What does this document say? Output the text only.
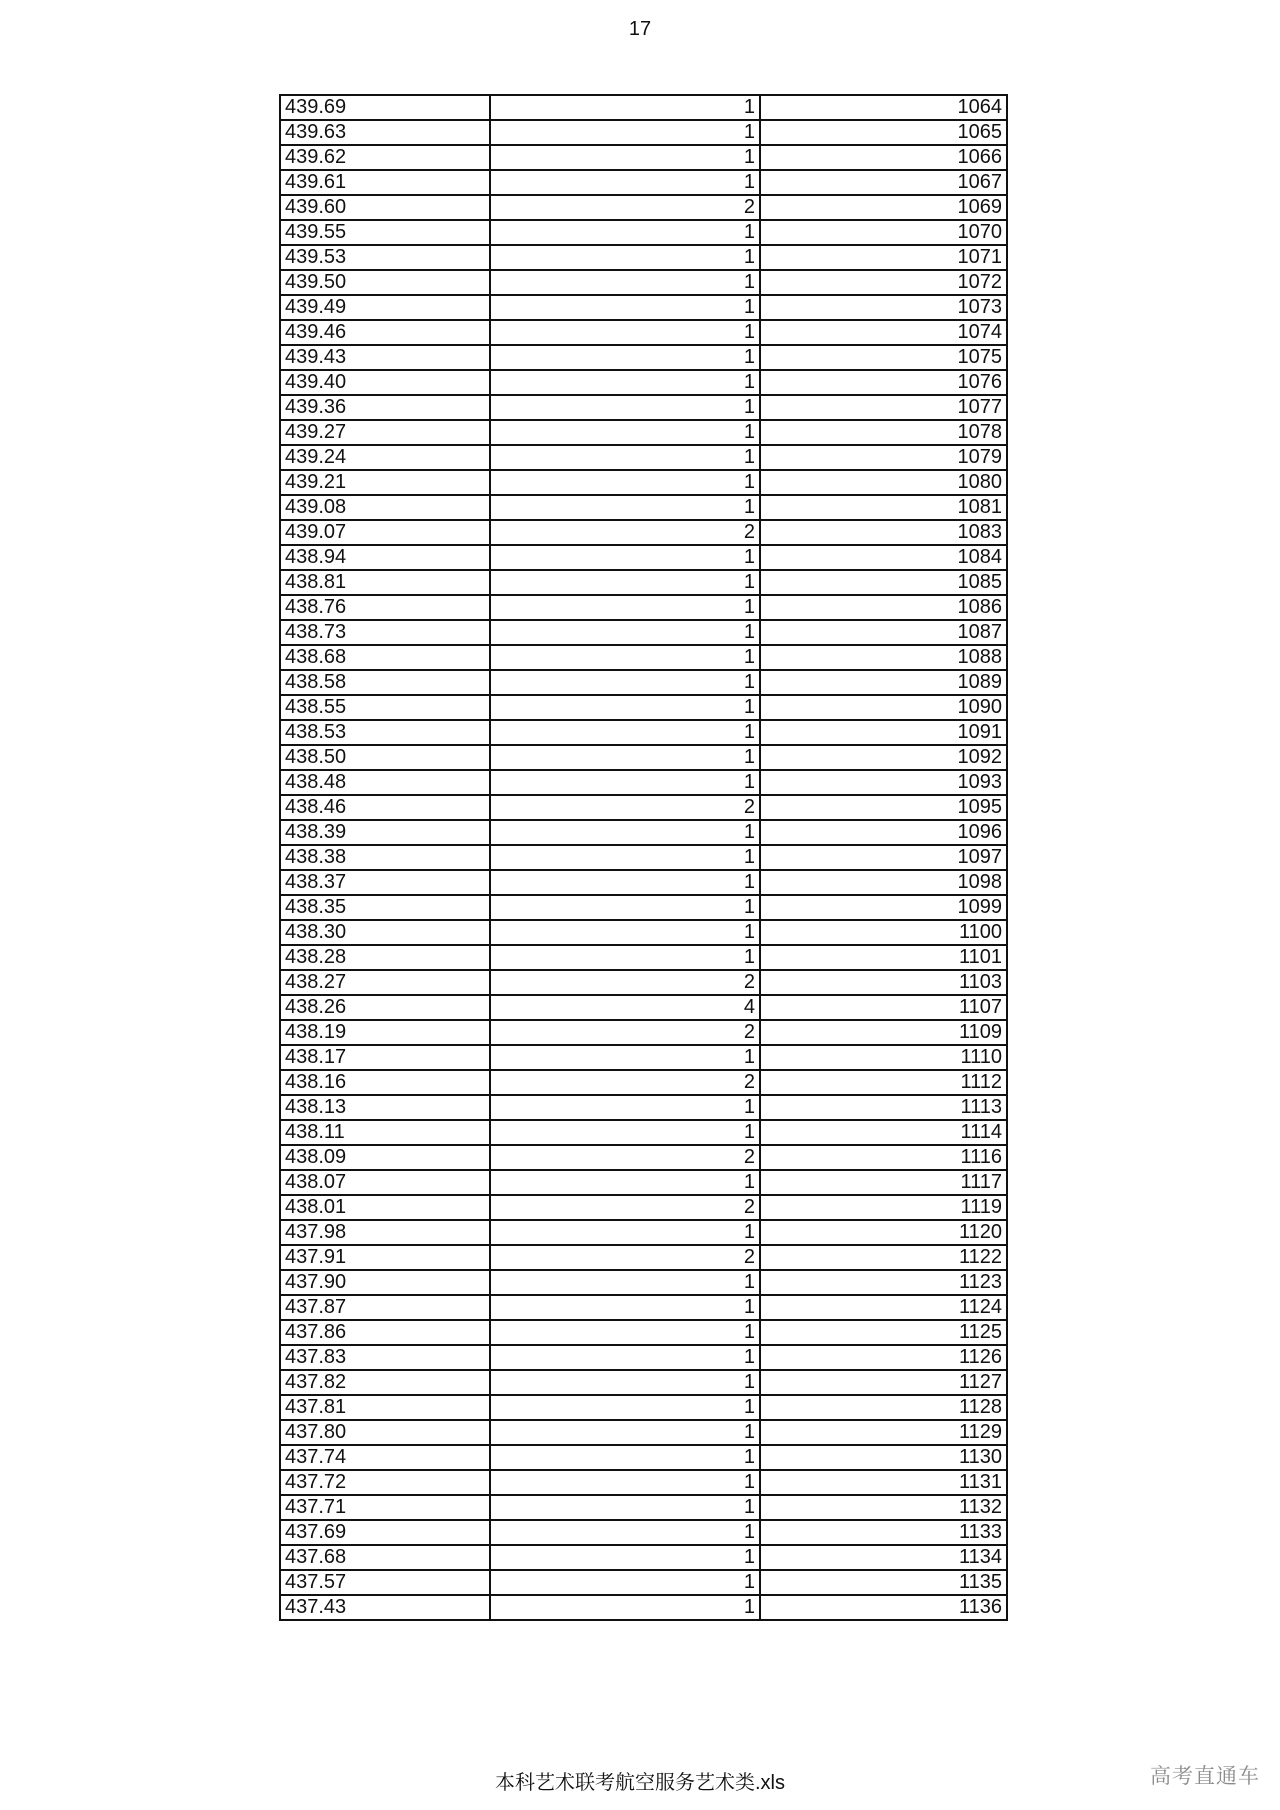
17
439.69	1	1064
439.63	1	1065
439.62	1	1066
439.61	1	1067
439.60	2	1069
439.55	1	1070
439.53	1	1071
439.50	1	1072
439.49	1	1073
439.46	1	1074
439.43	1	1075
439.40	1	1076
439.36	1	1077
439.27	1	1078
439.24	1	1079
439.21	1	1080
439.08	1	1081
439.07	2	1083
438.94	1	1084
438.81	1	1085
438.76	1	1086
438.73	1	1087
438.68	1	1088
438.58	1	1089
438.55	1	1090
438.53	1	1091
438.50	1	1092
438.48	1	1093
438.46	2	1095
438.39	1	1096
438.38	1	1097
438.37	1	1098
438.35	1	1099
438.30	1	1100
438.28	1	1101
438.27	2	1103
438.26	4	1107
438.19	2	1109
438.17	1	1110
438.16	2	1112
438.13	1	1113
438.11	1	1114
438.09	2	1116
438.07	1	1117
438.01	2	1119
437.98	1	1120
437.91	2	1122
437.90	1	1123
437.87	1	1124
437.86	1	1125
437.83	1	1126
437.82	1	1127
437.81	1	1128
437.80	1	1129
437.74	1	1130
437.72	1	1131
437.71	1	1132
437.69	1	1133
437.68	1	1134
437.57	1	1135
437.43	1	1136
本科艺术联考航空服务艺术类.xls	高考直通车
